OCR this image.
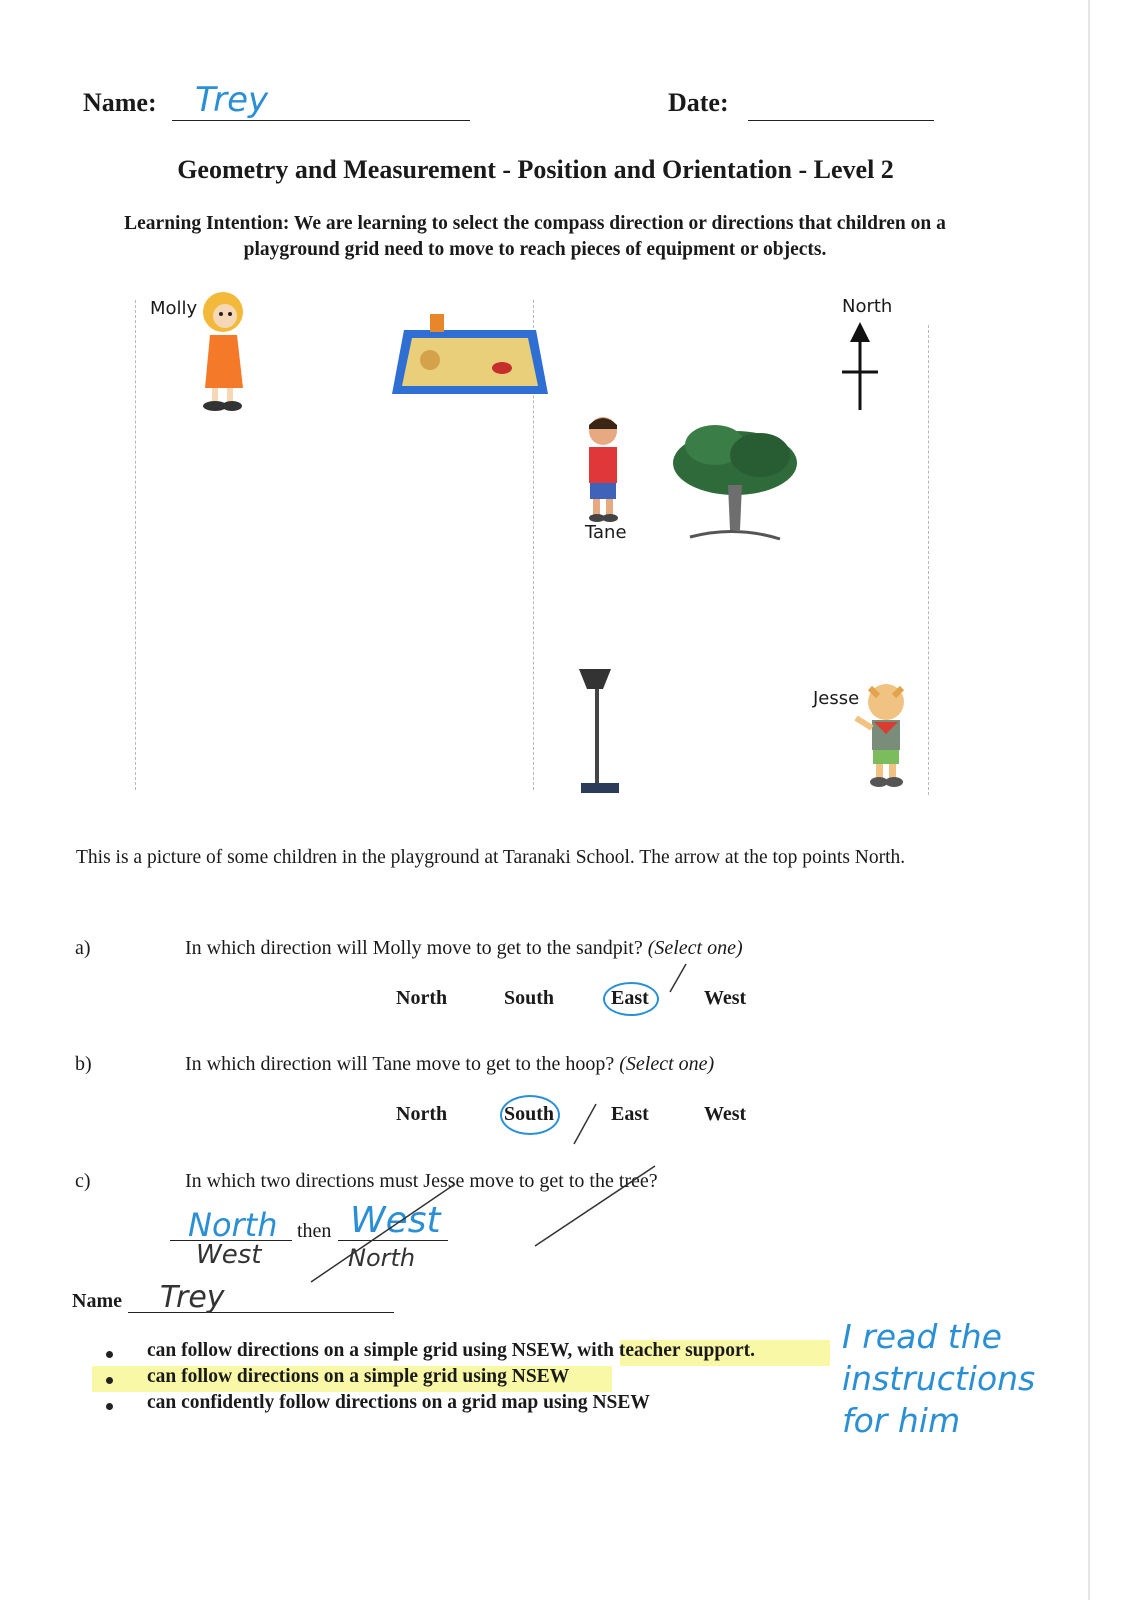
Name: Trey	Date:
Geometry and Measurement - Position and Orientation - Level 2
Learning Intention: We are learning to select the compass direction or directions that children on a playground grid need to move to reach pieces of equipment or objects.
Molly	North
Tane
Jesse
This is a picture of some children in the playground at Taranaki School. The arrow at the top points North.
a)	In which direction will Molly move to get to the sandpit? (Select one)
North	South	East	West
b)	In which direction will Tane move to get to the hoop? (Select one)
North	South	East	West
c)	In which two directions must Jesse move to get to the tree?
North
West
then West
North
Name Trey
can follow directions on a simple grid using NSEW, with teacher support.
can follow directions on a simple grid using NSEW
can confidently follow directions on a grid map using NSEW
I read the instructions for him
